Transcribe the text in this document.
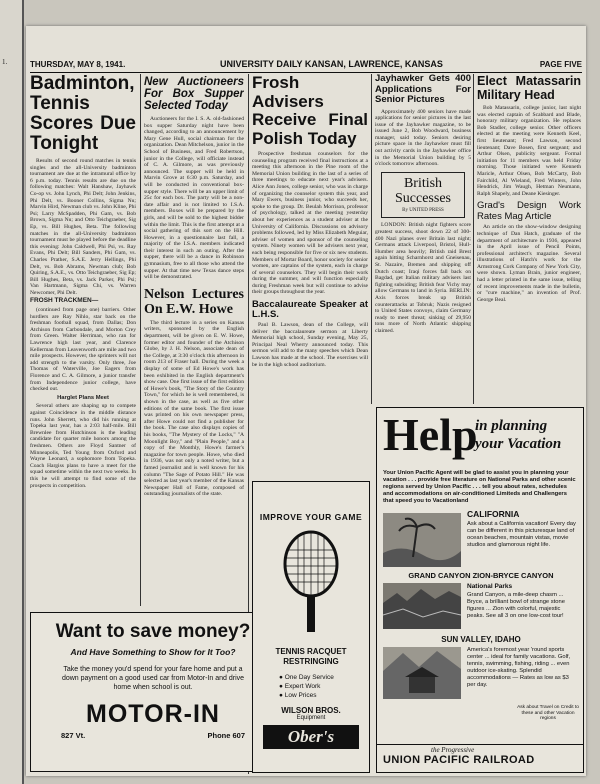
1.	THURSDAY, MAY 8, 1941.	UNIVERSITY DAILY KANSAN, LAWRENCE, KANSAS	PAGE FIVE
Badminton, Tennis Scores Due Tonight

Results of second round matches in tennis singles and the all-University badminton tournament are due at the intramural office by 6 p.m. today. Tennis results are due on the following matches: Walt Hanshaw, Jayhawk Co-op vs. John Lynch, Phi Delt; John Jenkins, Phi Delt, vs. Booner Collins, Sigma Nu; Marvin Hird, Newman club vs. John Kline, Phi Psi; Larry McSpadden, Phi Gam, vs. Bob Brown, Sigma Nu; and Otto Teichgraeber, Sig Ep, vs. Bill Hughes, Beta. The following matches in the all-University badminton tournament must be played before the deadline this evening: John Caldwell, Phi Psi, vs. Ray Evans, Phi Delt; Bill Sanders, Phi Gam, vs. Charles Prather, S.A.E. Jerry Hellings, Phi Delt, vs. Bob Abrams, Newman club; Bob Quiring, S.A.E., vs. Otto Teichgraeber, Sig Ep; Bill Hughes, Beta, vs. Jack Parker, Phi Psi; Van Hartmann, Sigma Chi, vs. Warren Newcomer, Phi Delt.

FROSH TRACKMEN—

(continued from page one) barriers. Other hurdlers are Ray Nihlo, star back on the freshman football squad, from Dallas; Don Atchison from Carbondale, and Morton Crey from Green. Walter Herriman, who ran for Lawrence high last year, and Clarence Kellerman from Leavenworth are mile and two mile prospects. However, the sprinters will not add strength to the varsity. Only three, Joe Thomas of Waterville, Joe Eagers from Florence and C. A. Gilmore, a junior transfer from Independence junior college, have checked out.

Harglet Plans Meet

Several others are shaping up to compete against Coincidence in the middle distance runs. John Sherrett, who did his running at Topeka last year, has a 2:03 half-mile. Bill Brewnlee from Hutchinson is the leading candidate for quarter mile honors among the freshmen. Others are Floyd Santner of Minneapolis, Ted Young from Oxford and Wayne Leonard, a sophomore from Topeka. Coach Hargiss plans to have a meet for the squad sometime within the next two weeks. In this he will attempt to find some of the prospects in competition.

New Auctioneers For Box Supper Selected Today

Auctioneers for the I. S. A. old-fashioned box supper Saturday night have been changed, according to an announcement by Mary Gene Hull, social chairman for the organization. Dean Mitchelson, junior in the School of Business, and Fred Robertson, junior in the College, will officiate instead of C. A. Gilmore, as was previously announced. The supper will be held in Marvin Grove at 6:30 p.m. Saturday, and will be conducted in conventional box-supper style. There will be an upper limit of 25c for each box. The party will be a non-date affair and is not limited to I.S.A. members. Boxes will be prepared by the girls, and will be sold to the highest bidder within the limit. This is the first attempt at a social gathering of this sort on the Hill. However, in a questionnaire last fall, a majority of the I.S.A. members indicated their interest in such an outing. After the supper, there will be a dance in Robinson gymnasium, free to all those who attend the supper. At that time new Texas dance steps will be demonstrated.

Nelson Lectures On E.W. Howe

The third lecture in a series on Kansas writers, sponsored by the English department, will be given on E. W. Howe, former editor and founder of the Atchison Globe, by J. H. Nelson, associate dean of the College, at 3:30 o'clock this afternoon in room 213 of Fraser hall. During the week a display of some of Ed Howe's work has been exhibited in the English department's show case. One first issue of the first edition of Howe's book, "The Story of the Country Town," for which he is well remembered, is shown in the case, as well as five other editions of the same book. The first issue was printed on his own newspaper press, after Howe could not find a publisher for the book. The case also displays copies of his books, "The Mystery of the Locks," "A Moonlight Boy," and "Plain People," and a copy of the Monthly, Howe's farmer's magazine for town people. Howe, who died in 1936, was not only a noted writer, but a famed journalist and is well known for his column "The Sage of Potato Hill." He was selected as last year's member of the Kansas Newspaper Hall of Fame, composed of outstanding journalists of the state.

Frosh Advisers Receive Final Polish Today

Prospective freshman counselors for the counseling program received final instructions at a meeting this afternoon in the Pine room of the Memorial Union building in the last of a series of three meetings to educate next year's advisers. Alice Ann Jones, college senior, who was in charge of organizing the counselor system this year, and Mary Ewers, business junior, who succeeds her, spoke to the group. Dr. Beulah Morrison, professor of psychology, talked at the meeting yesterday about her experiences as a student adviser at the University of California. Discussions on advisory problems followed, led by Miss Elizabeth Meguiar, adviser of women and sponsor of the counseling system. Ninety women will be advisers next year, each being responsible for five or six new students. Members of Mortar Board, honor society for senior women, are captains of the system, each in charge of several counselors. They will begin their work during the summer, and will function especially during Freshman week but will continue to advise their groups throughout the year.

Baccalaureate Speaker at L.H.S.

Paul B. Lawson, dean of the College, will deliver the baccalaureate sermon at Liberty Memorial high school, Sunday evening, May 25, Principal Neal Wherry announced today. This sermon will add to the many speeches which Dean Lawson has made at the school. The exercises will be in the high school auditorium.

Jayhawker Gets 400 Applications For Senior Pictures

Approximately 400 seniors have made applications for senior pictures in the last issue of the Jayhawker magazine, to be issued June 2, Bob Woodward, business manager, said today. Seniors desiring picture space in the Jayhawker must fill out activity cards in the Jayhawker office in the Memorial Union building by 5 o'clock tomorrow afternoon.

British Successes
By UNITED PRESS

LONDON: British night fighters score greatest success, shoot down 22 of 300-400 Nazi planes over Britain last night; Germans attack Liverpool, Bristol, Hull-Humber area heavily; British raid Brest again hitting Scharnhorst and Gneisenau, St. Nazaire, Bremen and shipping off Dutch coast; Iraqi forces fall back on Bagdad, get Italian military advisers last fighting subsiding; British fear Vichy may allow Germans to land in Syria. BERLIN: Axis forces break up British counterattacks at Tobruk; Nazis resigned to United States convoys, claim Germany ready to meet threat; sinking of 29,950 tons more of North Atlantic shipping claimed.

Elect Matassarin Military Head

Bob Matassarin, college junior, last night was elected captain of Scabbard and Blade, honorary military organization. He replaces Bob Stadler, college senior. Other officers elected at the meeting were Kenneth Keel, first lieutenant; Fred Lawson, second lieutenant; Dave Bosen, first sergeant; and Arthur Olsen, publicity sergeant. Formal initiation for 11 members was held Friday morning. Those initiated were Kenneth Maricle, Arthur Olsen, Bob McCarty, Bob Fairchild, Al Wieland, Fred Winters, John Hendrick, Jim Waugh, Hetman Neumann, Ralph Shapely, and Deane Kiesinger.

Grad's Design Work Rates Mag Article

An article on the show-window designing technique of Dan Hatch, graduate of the department of architecture in 1936, appeared in the April issue of Pencil Points, professional architect's magazine. Several illustrations of Hatch's work for the Armstrong Cork Company of New York City, were shown. Lyman Brain, junior engineer, had a letter printed in the same issue, telling of recent improvements made in the bulletin, or "cure machine," an invention of Prof. George Beal.

Want to save money?
And Have Something to Show for It Too?
Take the money you'd spend for your fare home and put a down payment on a good used car from Motor-In and drive home when school is out.
MOTOR-IN
827 Vt.	Phone 607
IMPROVE YOUR GAME
TENNIS RACQUET RESTRINGING
● One Day Service
● Expert Work
● Low Prices
WILSON BROS.
Equipment
Ober's
Help
in planning
your Vacation
Your Union Pacific Agent will be glad to assist you in planning your vacation . . . provide free literature on National Parks and other scenic regions served by Union Pacific . . . tell you about rates, schedules and accommodations on air-conditioned Limiteds and Challengers that speed you to Vacationland
CALIFORNIA
Ask about a California vacation! Every day can be different in this picturesque land of ocean beaches, mountain vistas, movie studios and glamorous night life.
GRAND CANYON ZION-BRYCE CANYON
National Parks
Grand Canyon, a mile-deep chasm ... Bryce, a brilliant bowl of strange stone figures ... Zion with colorful, majestic peaks. See all 3 on one low-cost tour!
SUN VALLEY, IDAHO
America's foremost year 'round sports center ... ideal for family vacations. Golf, tennis, swimming, fishing, riding ... even outdoor ice-skating. Splendid accommodations — Rates as low as $3 per day.
the Progressive
UNION PACIFIC RAILROAD
Ask about Travel on Credit to these and other Vacation regions
